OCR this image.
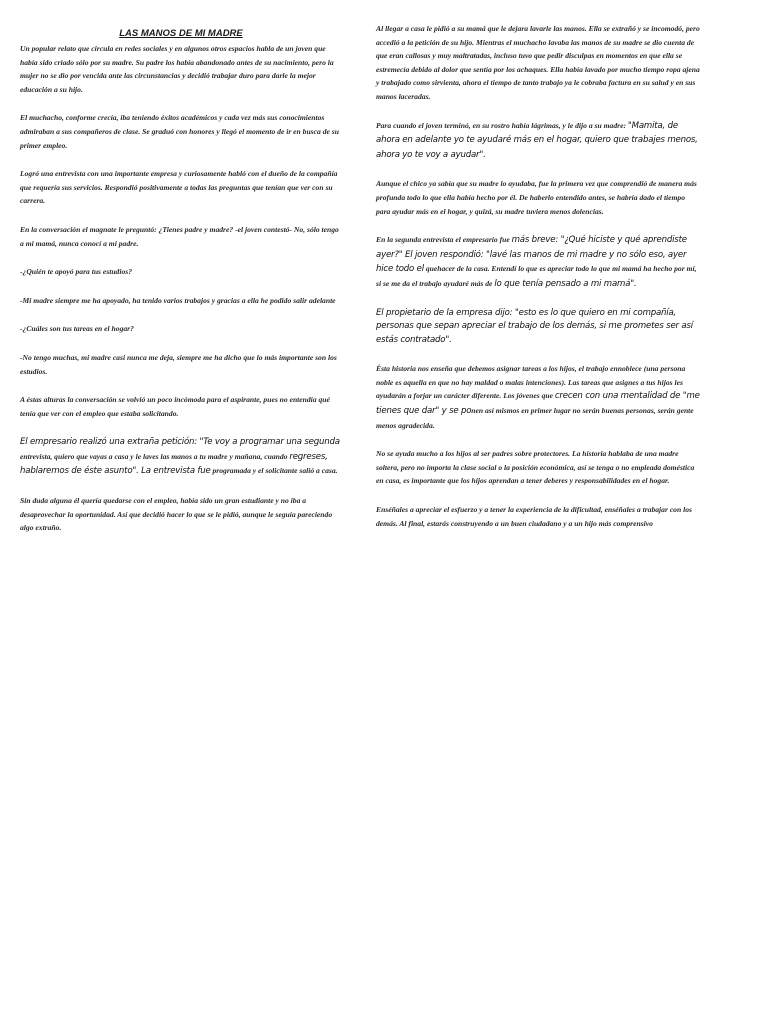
LAS MANOS DE MI MADRE

Un popular relato que circula en redes sociales y en algunos otros espacios habla de un joven que había sido criado sólo por su madre. Su padre los había abandonado antes de su nacimiento, pero la mujer no se dio por vencida ante las circunstancias y decidió trabajar duro para darle la mejor educación a su hijo.

El muchacho, conforme crecía, iba teniendo éxitos académicos y cada vez más sus conocimientos admiraban a sus compañeros de clase. Se graduó con honores y llegó el momento de ir en busca de su primer empleo.

Logró una entrevista con una importante empresa y curiosamente habló con el dueño de la compañía que requería sus servicios. Respondió positivamente a todas las preguntas que tenían que ver con su carrera.

En la conversación el magnate le preguntó: ¿Tienes padre y madre? -el joven contestó- No, sólo tengo a mi mamá, nunca conocí a mi padre.

-¿Quién te apoyó para tus estudios?

-Mi madre siempre me ha apoyado, ha tenido varios trabajos y gracias a ella he podido salir adelante

-¿Cuáles son tus tareas en el hogar?

-No tengo muchas, mi madre casi nunca me deja, siempre me ha dicho que lo más importante son los estudios.

A éstas alturas la conversación se volvió un poco incómoda para el aspirante, pues no entendía qué tenía que ver con el empleo que estaba solicitando.

El empresario realizó una extraña petición: "Te voy a programar una segunda entrevista, quiero que vayas a casa y le laves las manos a tu madre y mañana, cuando regreses, hablaremos de éste asunto". La entrevista fue programada y el solicitante salió a casa.

Sin duda alguna él quería quedarse con el empleo, había sido un gran estudiante y no iba a desaprovechar la oportunidad. Así que decidió hacer lo que se le pidió, aunque le seguía pareciendo algo extraño.

Al llegar a casa le pidió a su mamá que le dejara lavarle las manos. Ella se extrañó y se incomodó, pero accedió a la petición de su hijo. Mientras el muchacho lavaba las manos de su madre se dio cuenta de que eran callosas y muy maltratadas, incluso tuvo que pedir disculpas en momentos en que ella se estremecía debido al dolor que sentía por los achaques. Ella había lavado por mucho tiempo ropa ajena y trabajado como sirvienta, ahora el tiempo de tanto trabajo ya le cobraba factura en su salud y en sus manos laceradas.

Para cuando el joven terminó, en su rostro había lágrimas, y le dijo a su madre: "Mamita, de ahora en adelante yo te ayudaré más en el hogar, quiero que trabajes menos, ahora yo te voy a ayudar".

Aunque el chico ya sabía que su madre lo ayudaba, fue la primera vez que comprendió de manera más profunda todo lo que ella había hecho por él. De haberlo entendido antes, se habría dado el tiempo para ayudar más en el hogar, y quizá, su madre tuviera menos dolencias.

En la segunda entrevista el empresario fue más breve: "¿Qué hiciste y qué aprendiste ayer?" El joven respondió: "lavé las manos de mi madre y no sólo eso, ayer hice todo el quehacer de la casa. Entendí lo que es apreciar todo lo que mi mamá ha hecho por mí, si se me da el trabajo ayudaré más de lo que tenía pensado a mi mamá".

El propietario de la empresa dijo: "esto es lo que quiero en mi compañía, personas que sepan apreciar el trabajo de los demás, si me prometes ser así estás contratado".

Ésta historia nos enseña que debemos asignar tareas a los hijos, el trabajo ennoblece (una persona noble es aquella en que no hay maldad o malas intenciones). Las tareas que asignes a tus hijos les ayudarán a forjar un carácter diferente. Los jóvenes que crecen con una mentalidad de "me tienes que dar" y se ponen así mismos en primer lugar no serán buenas personas, serán gente menos agradecida.

No se ayuda mucho a los hijos al ser padres sobre protectores. La historia hablaba de una madre soltera, pero no importa la clase social o la posición económica, así se tenga o no empleada doméstica en casa, es importante que los hijos aprendan a tener deberes y responsabilidades en el hogar.

Enséñales a apreciar el esfuerzo y a tener la experiencia de la dificultad, enséñales a trabajar con los demás. Al final, estarás construyendo a un buen ciudadano y a un hijo más comprensivo
